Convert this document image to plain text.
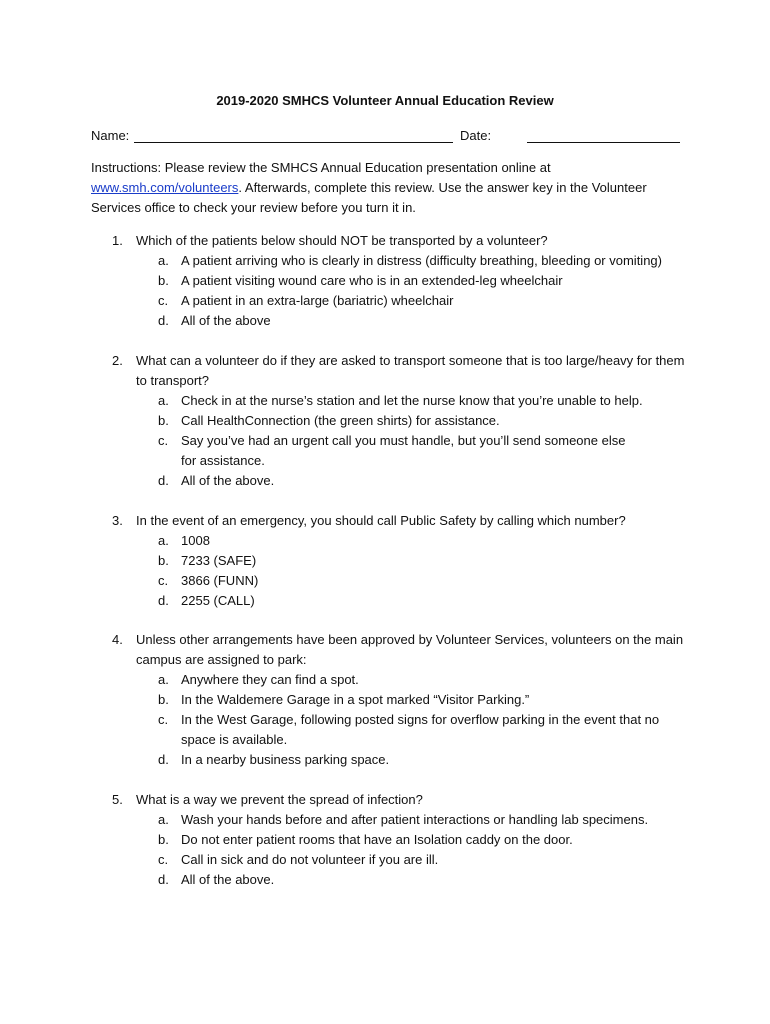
2019-2020 SMHCS Volunteer Annual Education Review
Name:	Date:
Instructions: Please review the SMHCS Annual Education presentation online at
www.smh.com/volunteers. Afterwards, complete this review. Use the answer key in the Volunteer Services office to check your review before you turn it in.
1. Which of the patients below should NOT be transported by a volunteer?
a. A patient arriving who is clearly in distress (difficulty breathing, bleeding or vomiting)
b. A patient visiting wound care who is in an extended-leg wheelchair
c. A patient in an extra-large (bariatric) wheelchair
d. All of the above
2. What can a volunteer do if they are asked to transport someone that is too large/heavy for them to transport?
a. Check in at the nurse’s station and let the nurse know that you’re unable to help.
b. Call HealthConnection (the green shirts) for assistance.
c. Say you’ve had an urgent call you must handle, but you’ll send someone else for assistance.
d. All of the above.
3. In the event of an emergency, you should call Public Safety by calling which number?
a. 1008
b. 7233 (SAFE)
c. 3866 (FUNN)
d. 2255 (CALL)
4. Unless other arrangements have been approved by Volunteer Services, volunteers on the main campus are assigned to park:
a. Anywhere they can find a spot.
b. In the Waldemere Garage in a spot marked “Visitor Parking.”
c. In the West Garage, following posted signs for overflow parking in the event that no space is available.
d. In a nearby business parking space.
5. What is a way we prevent the spread of infection?
a. Wash your hands before and after patient interactions or handling lab specimens.
b. Do not enter patient rooms that have an Isolation caddy on the door.
c. Call in sick and do not volunteer if you are ill.
d. All of the above.
